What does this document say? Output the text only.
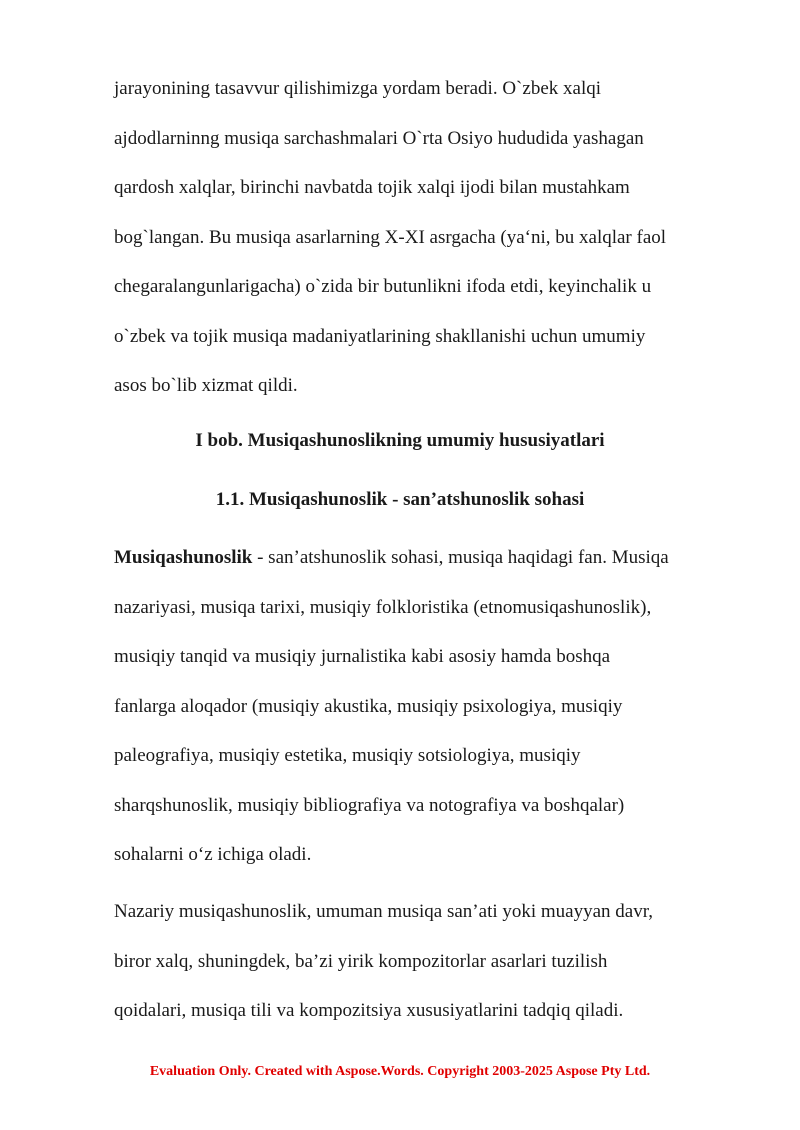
jarayonining tasavvur qilishimizga yordam beradi. O`zbek xalqi
ajdodlarninng musiqa sarchashmalari O`rta Osiyo hududida yashagan
qardosh xalqlar, birinchi navbatda tojik xalqi ijodi bilan mustahkam
bog`langan. Bu musiqa asarlarning X-XI asrgacha (ya‘ni, bu xalqlar faol
chegaralangunlarigacha) o`zida bir butunlikni ifoda etdi, keyinchalik u
o`zbek va tojik musiqa madaniyatlarining shakllanishi uchun umumiy
asos bo`lib xizmat qildi.

I bob. Musiqashunoslikning umumiy hususiyatlari
1.1. Musiqashunoslik - san’atshunoslik sohasi

Musiqashunoslik - san’atshunoslik sohasi, musiqa haqidagi fan. Musiqa
nazariyasi, musiqa tarixi, musiqiy folkloristika (etnomusiqashunoslik),
musiqiy tanqid va musiqiy jurnalistika kabi asosiy hamda boshqa
fanlarga aloqador (musiqiy akustika, musiqiy psixologiya, musiqiy
paleografiya, musiqiy estetika, musiqiy sotsiologiya, musiqiy
sharqshunoslik, musiqiy bibliografiya va notografiya va boshqalar)
sohalarni o‘z ichiga oladi.

Nazariy musiqashunoslik, umuman musiqa san’ati yoki muayyan davr,
biror xalq, shuningdek, ba’zi yirik kompozitorlar asarlari tuzilish
qoidalari, musiqa tili va kompozitsiya xususiyatlarini tadqiq qiladi.

Evaluation Only. Created with Aspose.Words. Copyright 2003-2025 Aspose Pty Ltd.
